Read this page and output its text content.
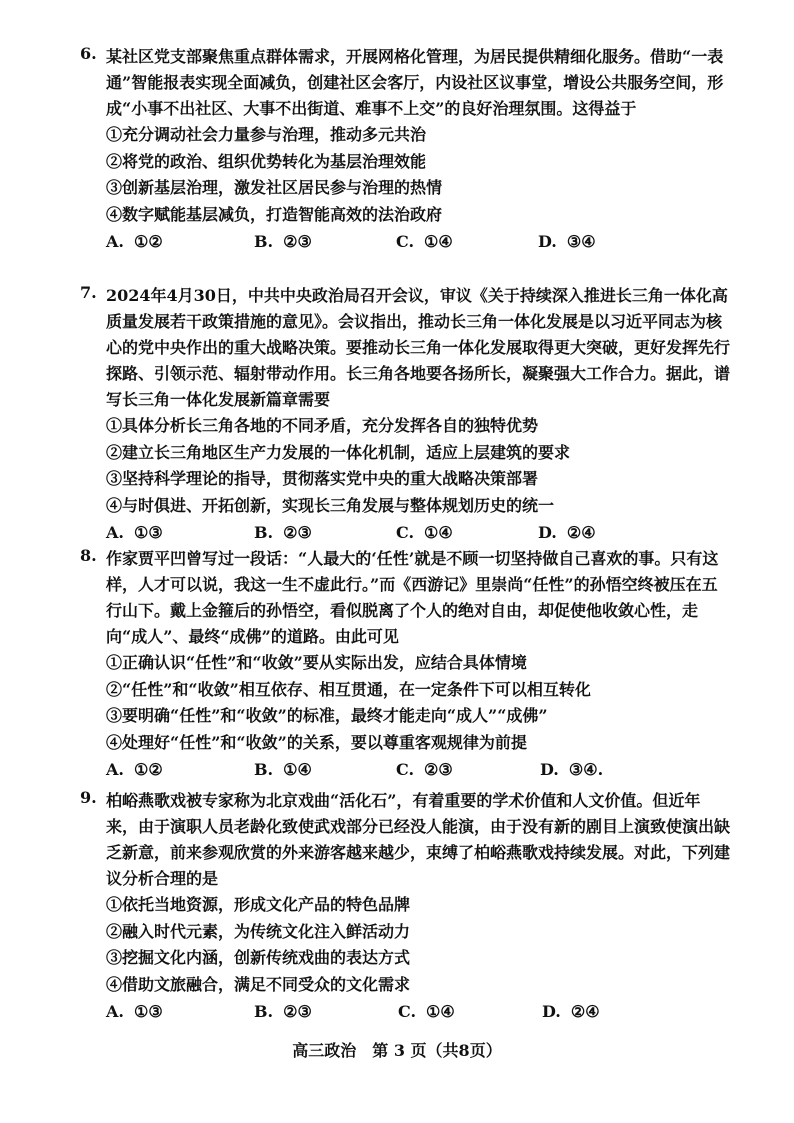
6. 某社区党支部聚焦重点群体需求，开展网格化管理，为居民提供精细化服务。借助“一表通”智能报表实现全面减负，创建社区会客厅，内设社区议事堂，增设公共服务空间，形成“小事不出社区、大事不出街道、难事不上交”的良好治理氛围。这得益于

①充分调动社会力量参与治理，推动多元共治

②将党的政治、组织优势转化为基层治理效能

③创新基层治理，激发社区居民参与治理的热情

④数字赋能基层减负，打造智能高效的法治政府

A. ①②	B. ②③	C. ①④	D. ③④
7. 2024年4月30日，中共中央政治局召开会议，审议《关于持续深入推进长三角一体化高质量发展若干政策措施的意见》。会议指出，推动长三角一体化发展是以习近平同志为核心的党中央作出的重大战略决策。要推动长三角一体化发展取得更大突破，更好发挥先行探路、引领示范、辐射带动作用。长三角各地要各扬所长，凝聚强大工作合力。据此，谱写长三角一体化发展新篇章需要

①具体分析长三角各地的不同矛盾，充分发挥各自的独特优势

②建立长三角地区生产力发展的一体化机制，适应上层建筑的要求

③坚持科学理论的指导，贯彻落实党中央的重大战略决策部署

④与时俱进、开拓创新，实现长三角发展与整体规划历史的统一

A. ①③	B. ②③	C. ①④	D. ②④
8. 作家贾平凹曾写过一段话：“人最大的‘任性’就是不顾一切坚持做自己喜欢的事。只有这样，人才可以说，我这一生不虚此行。”而《西游记》里崇尚“任性”的孙悟空终被压在五行山下。戴上金箍后的孙悟空，看似脱离了个人的绝对自由，却促使他收敛心性，走向“成人”、最终“成佛”的道路。由此可见

①正确认识“任性”和“收敛”要从实际出发，应结合具体情境

②“任性”和“收敛”相互依存、相互贯通，在一定条件下可以相互转化

③要明确“任性”和“收敛”的标准，最终才能走向“成人”“成佛”

④处理好“任性”和“收敛”的关系，要以尊重客观规律为前提

A. ①②	B. ①④	C. ②③	D. ③④.
9. 柏峪燕歌戏被专家称为北京戏曲“活化石”，有着重要的学术价值和人文价值。但近年来，由于演职人员老龄化致使武戏部分已经没人能演，由于没有新的剧目上演致使演出缺乏新意，前来参观欣赏的外来游客越来越少，束缚了柏峪燕歌戏持续发展。对此，下列建议分析合理的是

①依托当地资源，形成文化产品的特色品牌

②融入时代元素，为传统文化注入鲜活动力

③挖掘文化内涵，创新传统戏曲的表达方式

④借助文旅融合，满足不同受众的文化需求

A. ①③	B. ②③	C. ①④	D. ②④
高三政治　第 3 页（共8页）
